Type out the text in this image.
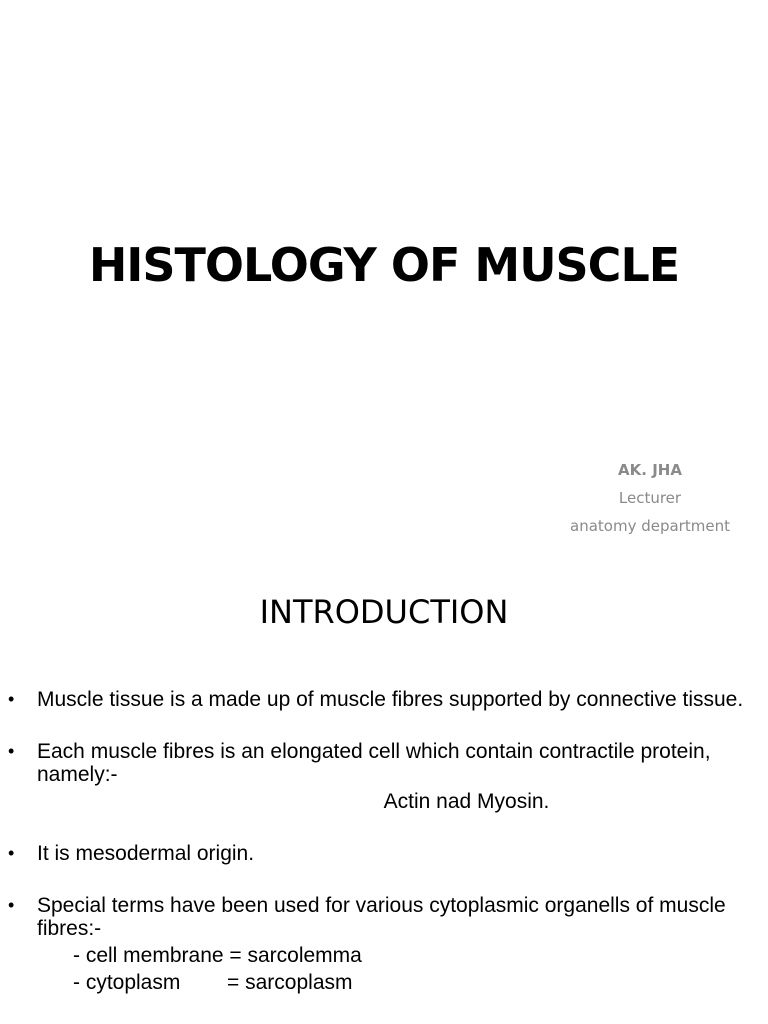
HISTOLOGY OF MUSCLE
AK. JHA
Lecturer
anatomy department
INTRODUCTION
• Muscle tissue is a made up of muscle fibres supported by connective tissue.
• Each muscle fibres is an elongated cell which contain contractile protein, namely:-
Actin nad Myosin.
• It is mesodermal origin.
• Special terms have been used for various cytoplasmic organells of muscle fibres:-
- cell membrane = sarcolemma
- cytoplasm        = sarcoplasm
